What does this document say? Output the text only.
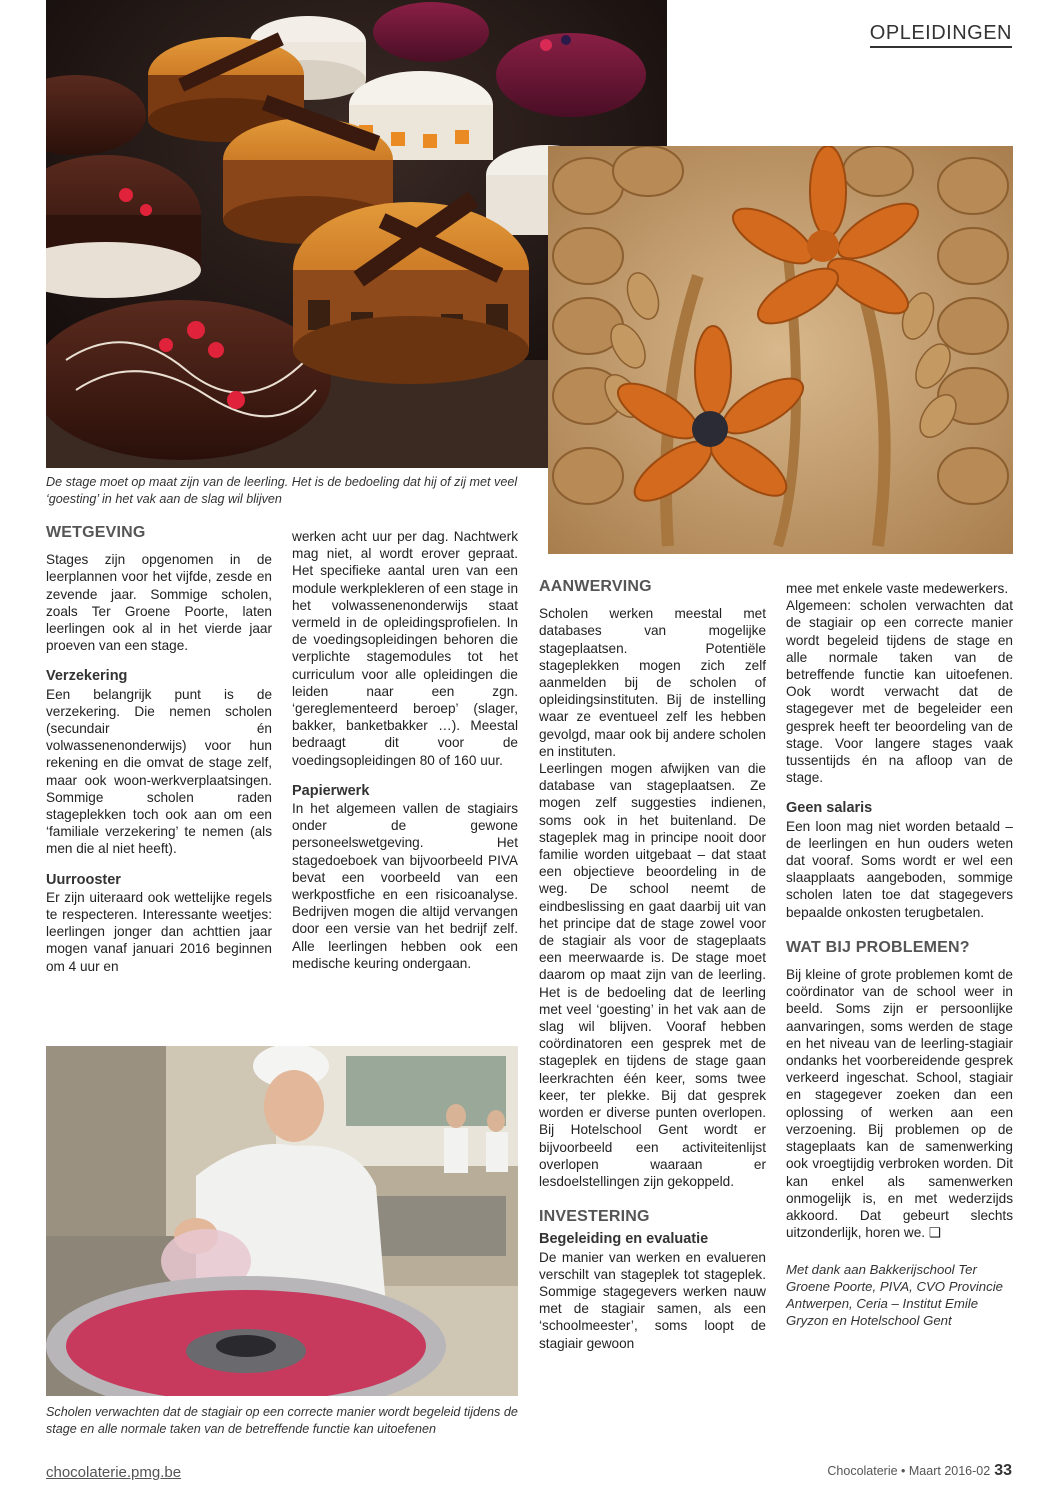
OPLEIDINGEN
De stage moet op maat zijn van de leerling. Het is de bedoeling dat hij of zij met veel ‘goesting’ in het vak aan de slag wil blijven
WETGEVING

Stages zijn opgenomen in de leerplannen voor het vijfde, zesde en zevende jaar. Sommige scholen, zoals Ter Groene Poorte, laten leerlingen ook al in het vierde jaar proeven van een stage.

Verzekering

Een belangrijk punt is de verzekering. Die nemen scholen (secundair én volwassenenonderwijs) voor hun rekening en die omvat de stage zelf, maar ook woon-werkverplaatsingen. Sommige scholen raden stageplekken toch ook aan om een ‘familiale verzekering’ te nemen (als men die al niet heeft).

Uurrooster

Er zijn uiteraard ook wettelijke regels te respecteren. Interessante weetjes: leerlingen jonger dan achttien jaar mogen vanaf januari 2016 beginnen om 4 uur en

werken acht uur per dag. Nachtwerk mag niet, al wordt erover gepraat. Het specifieke aantal uren van een module werkplekleren of een stage in het volwassenenonderwijs staat vermeld in de opleidingsprofielen. In de voedingsopleidingen behoren die verplichte stagemodules tot het curriculum voor alle opleidingen die leiden naar een zgn. ‘gereglementeerd beroep’ (slager, bakker, banketbakker …). Meestal bedraagt dit voor de voedingsopleidingen 80 of 160 uur.

Papierwerk

In het algemeen vallen de stagiairs onder de gewone personeelswetgeving. Het stagedoeboek van bijvoorbeeld PIVA bevat een voorbeeld van een werkpostfiche en een risicoanalyse. Bedrijven mogen die altijd vervangen door een versie van het bedrijf zelf. Alle leerlingen hebben ook een medische keuring ondergaan.

Scholen verwachten dat de stagiair op een correcte manier wordt begeleid tijdens de stage en alle normale taken van de betreffende functie kan uitoefenen
AANWERVING

Scholen werken meestal met databases van mogelijke stageplaatsen. Potentiële stageplekken mogen zich zelf aanmelden bij de scholen of opleidingsinstituten. Bij de instelling waar ze eventueel zelf les hebben gevolgd, maar ook bij andere scholen en instituten.

Leerlingen mogen afwijken van die database van stageplaatsen. Ze mogen zelf suggesties indienen, soms ook in het buitenland. De stageplek mag in principe nooit door familie worden uitgebaat – dat staat een objectieve beoordeling in de weg. De school neemt de eindbeslissing en gaat daarbij uit van het principe dat de stage zowel voor de stagiair als voor de stageplaats een meerwaarde is. De stage moet daarom op maat zijn van de leerling. Het is de bedoeling dat de leerling met veel ‘goesting’ in het vak aan de slag wil blijven. Vooraf hebben coördinatoren een gesprek met de stageplek en tijdens de stage gaan leerkrachten één keer, soms twee keer, ter plekke. Bij dat gesprek worden er diverse punten overlopen. Bij Hotelschool Gent wordt er bijvoorbeeld een activiteitenlijst overlopen waaraan er lesdoelstellingen zijn gekoppeld.

INVESTERING
Begeleiding en evaluatie

De manier van werken en evalueren verschilt van stageplek tot stageplek. Sommige stagegevers werken nauw met de stagiair samen, als een ‘schoolmeester’, soms loopt de stagiair gewoon

mee met enkele vaste medewerkers.

Algemeen: scholen verwachten dat de stagiair op een correcte manier wordt begeleid tijdens de stage en alle normale taken van de betreffende functie kan uitoefenen. Ook wordt verwacht dat de stagegever met de begeleider een gesprek heeft ter beoordeling van de stage. Voor langere stages vaak tussentijds én na afloop van de stage.

Geen salaris

Een loon mag niet worden betaald – de leerlingen en hun ouders weten dat vooraf. Soms wordt er wel een slaapplaats aangeboden, sommige scholen laten toe dat stagegevers bepaalde onkosten terugbetalen.

WAT BIJ PROBLEMEN?

Bij kleine of grote problemen komt de coördinator van de school weer in beeld. Soms zijn er persoonlijke aanvaringen, soms werden de stage en het niveau van de leerling-stagiair ondanks het voorbereidende gesprek verkeerd ingeschat. School, stagiair en stagegever zoeken dan een oplossing of werken aan een verzoening. Bij problemen op de stageplaats kan de samenwerking ook vroegtijdig verbroken worden. Dit kan enkel als samenwerken onmogelijk is, en met wederzijds akkoord. Dat gebeurt slechts uitzonderlijk, horen we. ❑

Met dank aan Bakkerijschool Ter Groene Poorte, PIVA, CVO Provincie Antwerpen, Ceria – Institut Emile Gryzon en Hotelschool Gent

chocolaterie.pmg.be	Chocolaterie • Maart 2016-02 33
